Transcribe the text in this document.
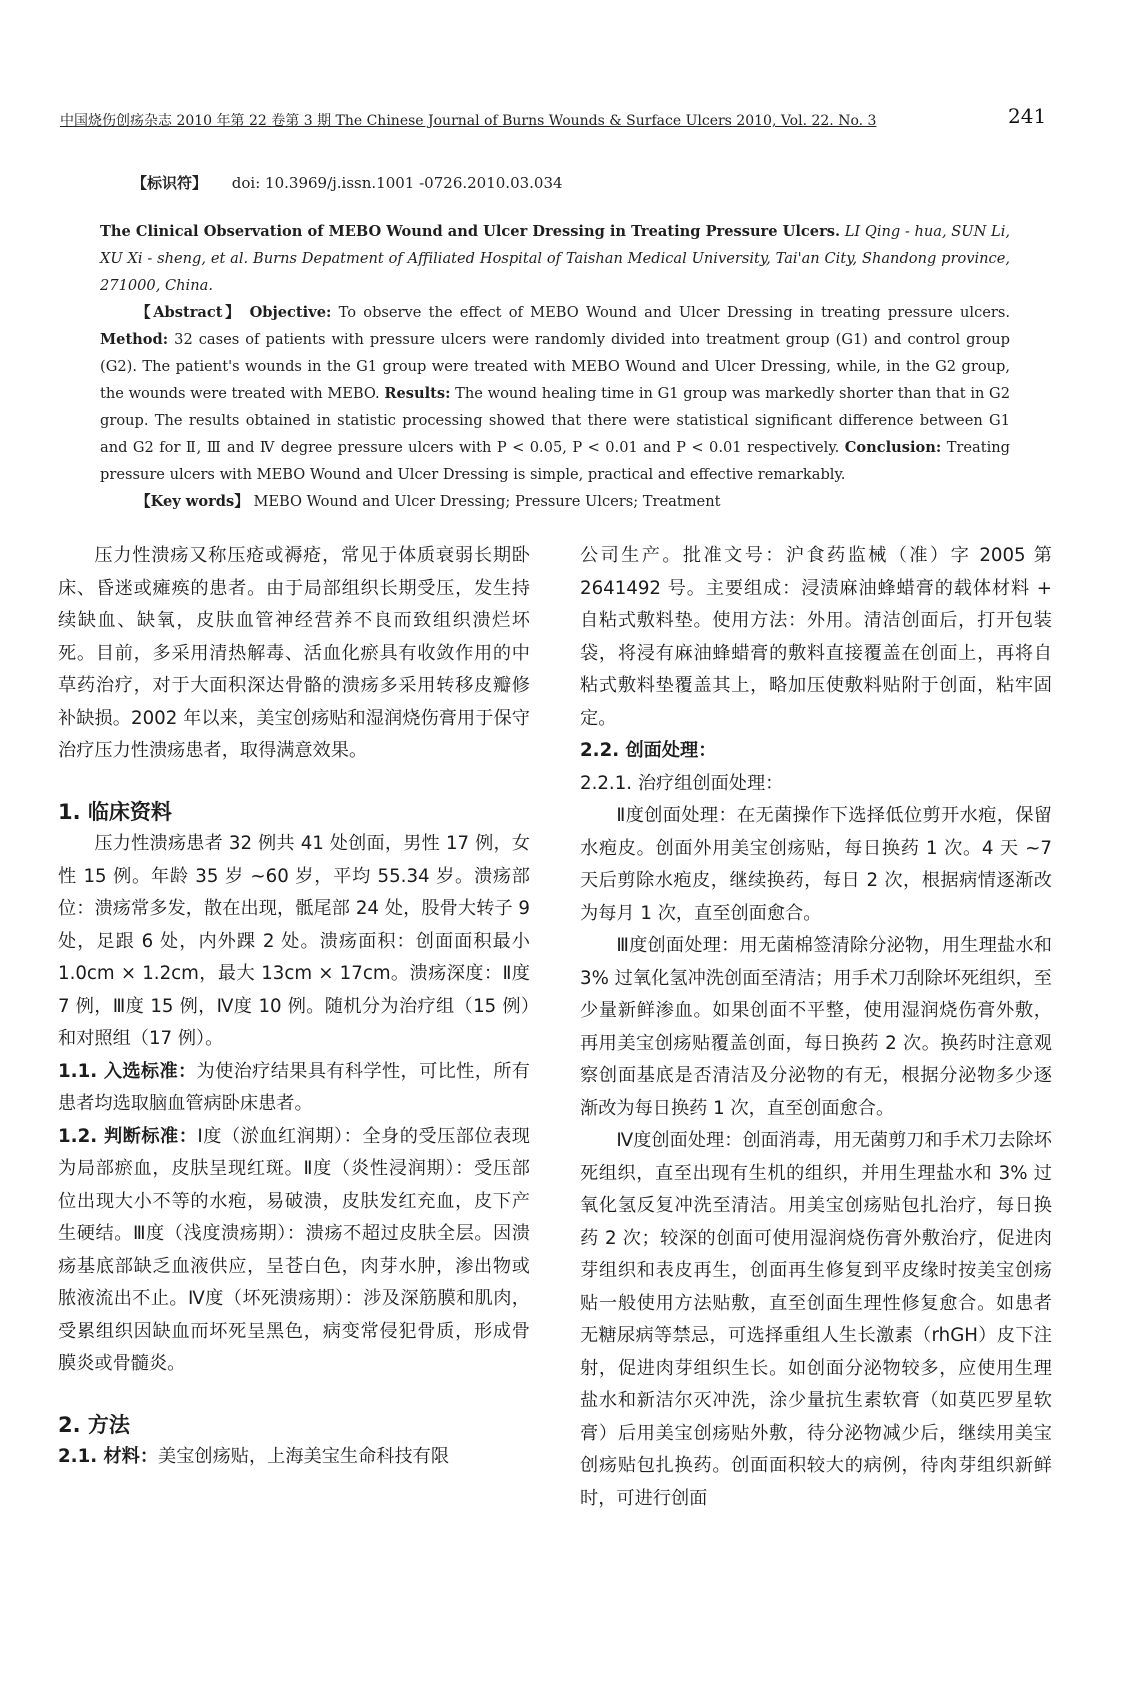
中国烧伤创疡杂志 2010 年第 22 卷第 3 期 The Chinese Journal of Burns Wounds & Surface Ulcers 2010, Vol. 22. No. 3	241
【标识符】 doi: 10.3969/j.issn.1001 -0726.2010.03.034

The Clinical Observation of MEBO Wound and Ulcer Dressing in Treating Pressure Ulcers. LI Qing - hua, SUN Li, XU Xi - sheng, et al. Burns Depatment of Affiliated Hospital of Taishan Medical University, Tai'an City, Shandong province, 271000, China.

【Abstract】 Objective: To observe the effect of MEBO Wound and Ulcer Dressing in treating pressure ulcers. Method: 32 cases of patients with pressure ulcers were randomly divided into treatment group (G1) and control group (G2). The patient's wounds in the G1 group were treated with MEBO Wound and Ulcer Dressing, while, in the G2 group, the wounds were treated with MEBO. Results: The wound healing time in G1 group was markedly shorter than that in G2 group. The results obtained in statistic processing showed that there were statistical significant difference between G1 and G2 for Ⅱ, Ⅲ and Ⅳ degree pressure ulcers with P < 0.05, P < 0.01 and P < 0.01 respectively. Conclusion: Treating pressure ulcers with MEBO Wound and Ulcer Dressing is simple, practical and effective remarkably.

【Key words】 MEBO Wound and Ulcer Dressing; Pressure Ulcers; Treatment

压力性溃疡又称压疮或褥疮，常见于体质衰弱长期卧床、昏迷或瘫痪的患者。由于局部组织长期受压，发生持续缺血、缺氧，皮肤血管神经营养不良而致组织溃烂坏死。目前，多采用清热解毒、活血化瘀具有收敛作用的中草药治疗，对于大面积深达骨骼的溃疡多采用转移皮瓣修补缺损。2002 年以来，美宝创疡贴和湿润烧伤膏用于保守治疗压力性溃疡患者，取得满意效果。

1. 临床资料

压力性溃疡患者 32 例共 41 处创面，男性 17 例，女性 15 例。年龄 35 岁 ~60 岁，平均 55.34 岁。溃疡部位：溃疡常多发，散在出现，骶尾部 24 处，股骨大转子 9 处，足跟 6 处，内外踝 2 处。溃疡面积：创面面积最小 1.0cm × 1.2cm，最大 13cm × 17cm。溃疡深度：Ⅱ度 7 例，Ⅲ度 15 例，Ⅳ度 10 例。随机分为治疗组（15 例）和对照组（17 例）。

1.1. 入选标准：为使治疗结果具有科学性，可比性，所有患者均选取脑血管病卧床患者。

1.2. 判断标准：Ⅰ度（淤血红润期）：全身的受压部位表现为局部瘀血，皮肤呈现红斑。Ⅱ度（炎性浸润期）：受压部位出现大小不等的水疱，易破溃，皮肤发红充血，皮下产生硬结。Ⅲ度（浅度溃疡期）：溃疡不超过皮肤全层。因溃疡基底部缺乏血液供应，呈苍白色，肉芽水肿，渗出物或脓液流出不止。Ⅳ度（坏死溃疡期）：涉及深筋膜和肌肉，受累组织因缺血而坏死呈黑色，病变常侵犯骨质，形成骨膜炎或骨髓炎。

2. 方法

2.1. 材料：美宝创疡贴，上海美宝生命科技有限

公司生产。批准文号：沪食药监械（准）字 2005 第 2641492 号。主要组成：浸渍麻油蜂蜡膏的载体材料 + 自粘式敷料垫。使用方法：外用。清洁创面后，打开包装袋，将浸有麻油蜂蜡膏的敷料直接覆盖在创面上，再将自粘式敷料垫覆盖其上，略加压使敷料贴附于创面，粘牢固定。

2.2. 创面处理：

2.2.1. 治疗组创面处理：

Ⅱ度创面处理：在无菌操作下选择低位剪开水疱，保留水疱皮。创面外用美宝创疡贴，每日换药 1 次。4 天 ~7 天后剪除水疱皮，继续换药，每日 2 次，根据病情逐渐改为每月 1 次，直至创面愈合。

Ⅲ度创面处理：用无菌棉签清除分泌物，用生理盐水和 3% 过氧化氢冲洗创面至清洁；用手术刀刮除坏死组织，至少量新鲜渗血。如果创面不平整，使用湿润烧伤膏外敷，再用美宝创疡贴覆盖创面，每日换药 2 次。换药时注意观察创面基底是否清洁及分泌物的有无，根据分泌物多少逐渐改为每日换药 1 次，直至创面愈合。

Ⅳ度创面处理：创面消毒，用无菌剪刀和手术刀去除坏死组织，直至出现有生机的组织，并用生理盐水和 3% 过氧化氢反复冲洗至清洁。用美宝创疡贴包扎治疗，每日换药 2 次；较深的创面可使用湿润烧伤膏外敷治疗，促进肉芽组织和表皮再生，创面再生修复到平皮缘时按美宝创疡贴一般使用方法贴敷，直至创面生理性修复愈合。如患者无糖尿病等禁忌，可选择重组人生长激素（rhGH）皮下注射，促进肉芽组织生长。如创面分泌物较多，应使用生理盐水和新洁尔灭冲洗，涂少量抗生素软膏（如莫匹罗星软膏）后用美宝创疡贴外敷，待分泌物减少后，继续用美宝创疡贴包扎换药。创面面积较大的病例，待肉芽组织新鲜时，可进行创面
